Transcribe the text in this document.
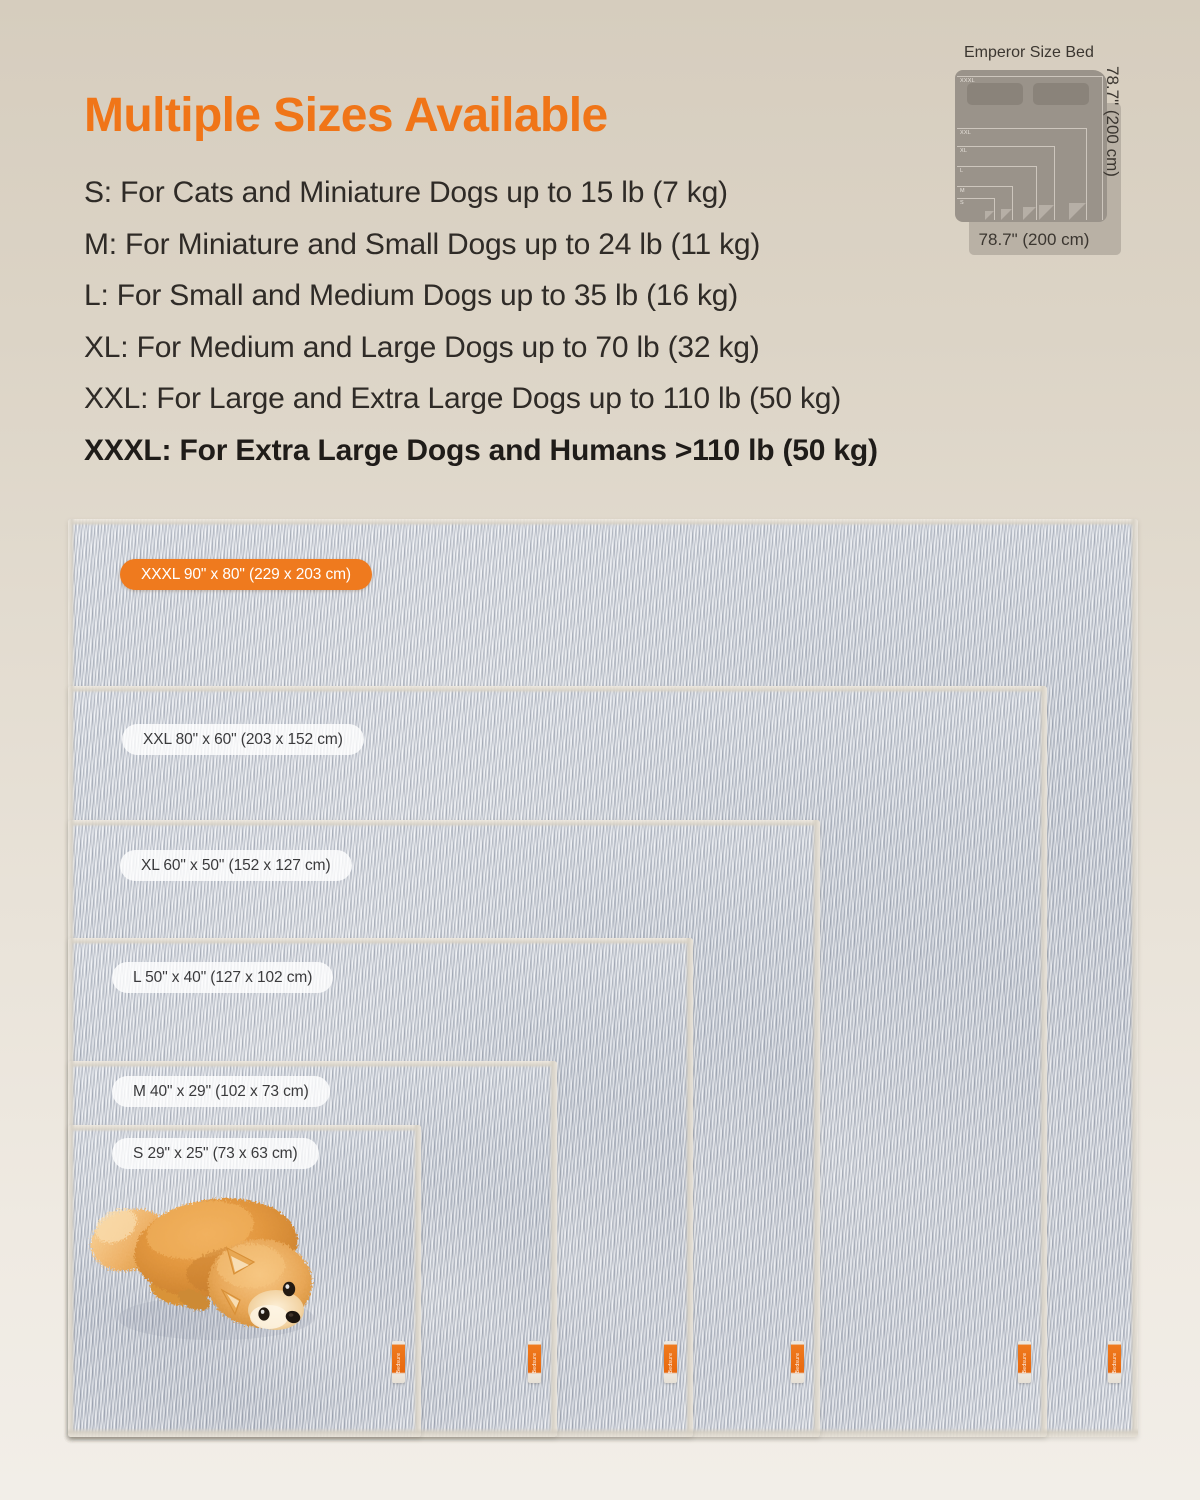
Multiple Sizes Available
S: For Cats and Miniature Dogs up to 15 lb (7 kg)
M: For Miniature and Small Dogs up to 24 lb (11 kg)
L: For Small and Medium Dogs up to 35 lb (16 kg)
XL: For Medium and Large Dogs up to 70 lb (32 kg)
XXL: For Large and Extra Large Dogs up to 110 lb (50 kg)
XXXL: For Extra Large Dogs and Humans >110 lb (50 kg)
Emperor Size Bed
XXXL
XXL
XL
L
M
S
78.7" (200 cm)
78.7" (200 cm)
Bedsure
XXXL 90" x 80" (229 x 203 cm)
Bedsure
XXL 80" x 60" (203 x 152 cm)
Bedsure
XL 60" x 50" (152 x 127 cm)
Bedsure
L 50" x 40" (127 x 102 cm)
Bedsure
M 40" x 29" (102 x 73 cm)
Bedsure
S 29" x 25" (73 x 63 cm)
